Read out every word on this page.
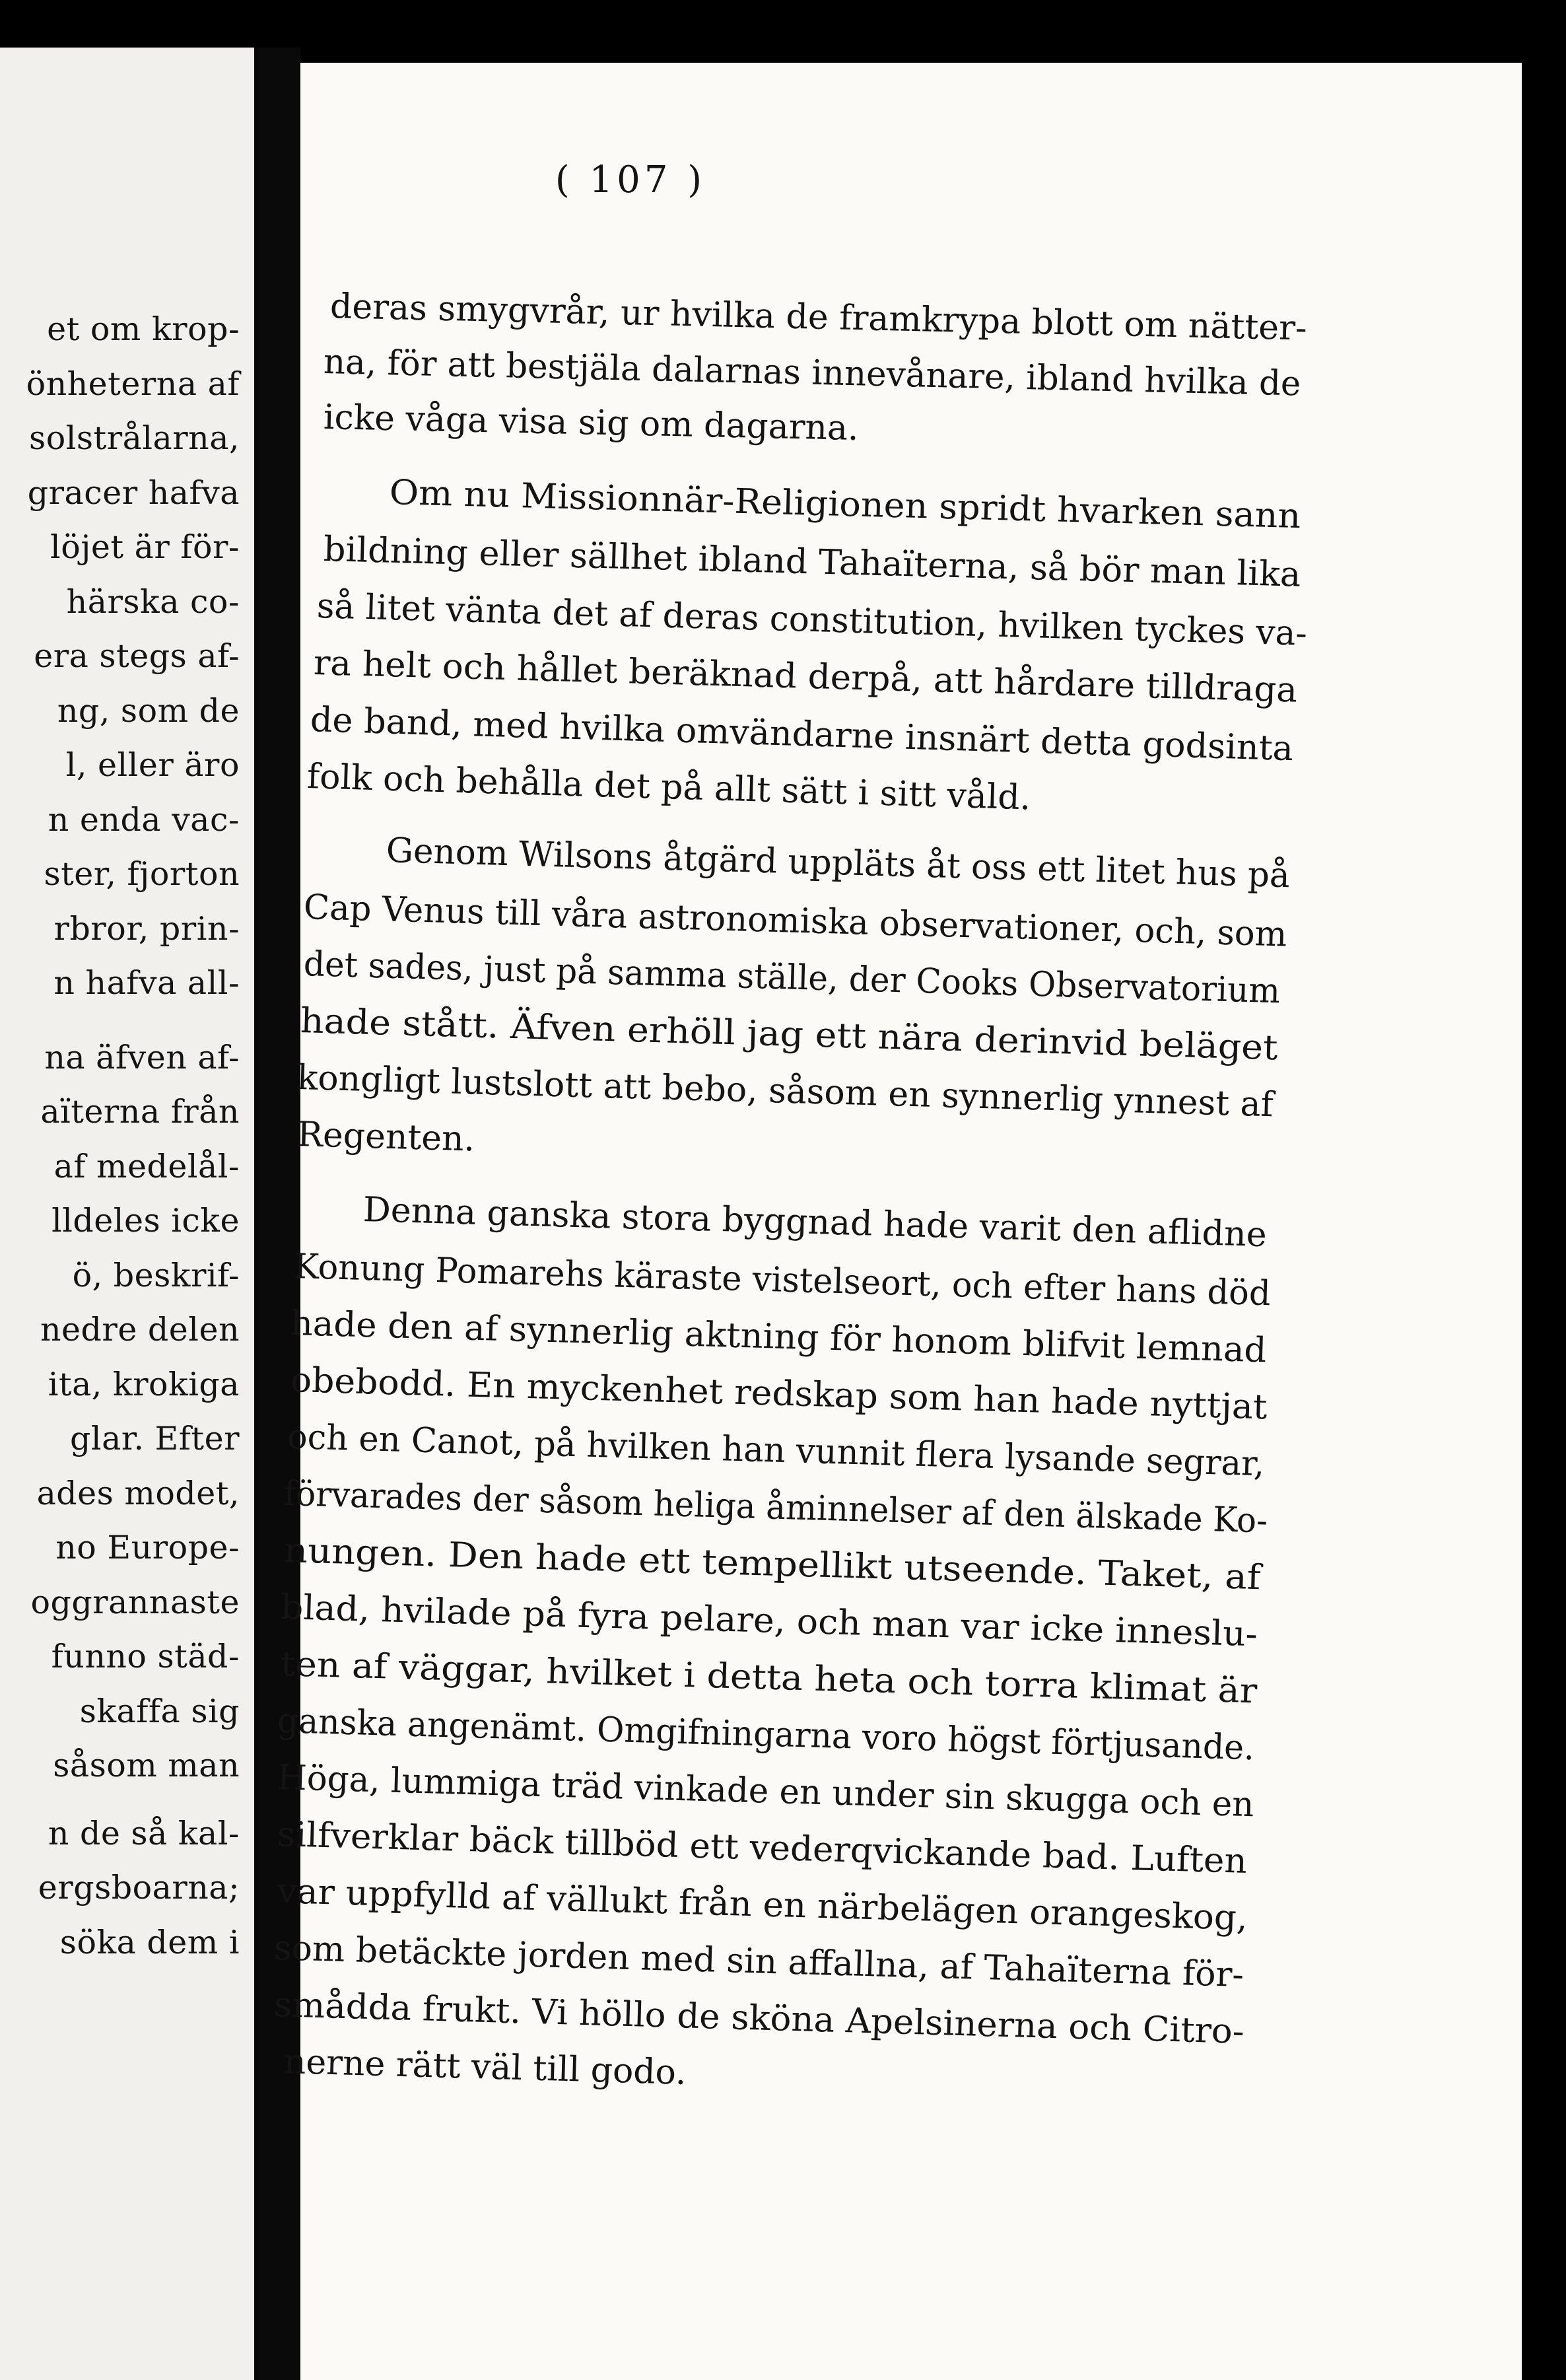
et om krop-
önheterna af
solstrålarna,
gracer hafva
löjet är för-
härska co-
era stegs af-
ng, som de
l, eller äro
n enda vac-
ster, fjorton
rbror, prin-
n hafva all-
na äfven af-
aïterna från
af medelål-
lldeles icke
ö, beskrif-
nedre delen
ita, krokiga
glar. Efter
ades modet,
no Europe-
oggrannaste
funno städ-
skaffa sig
såsom man
n de så kal-
ergsboarna;
söka dem i
( 107 )
deras smygvrår, ur hvilka de framkrypa blott om nätter-
na, för att bestjäla dalarnas innevånare, ibland hvilka de
icke våga visa sig om dagarna.
Om nu Missionnär-Religionen spridt hvarken sann
bildning eller sällhet ibland Tahaïterna, så bör man lika
så litet vänta det af deras constitution, hvilken tyckes va-
ra helt och hållet beräknad derpå, att hårdare tilldraga
de band, med hvilka omvändarne insnärt detta godsinta
folk och behålla det på allt sätt i sitt våld.
Genom Wilsons åtgärd uppläts åt oss ett litet hus på
Cap Venus till våra astronomiska observationer, och, som
det sades, just på samma ställe, der Cooks Observatorium
hade stått. Äfven erhöll jag ett nära derinvid beläget
kongligt lustslott att bebo, såsom en synnerlig ynnest af
Regenten.
Denna ganska stora byggnad hade varit den aflidne
Konung Pomarehs käraste vistelseort, och efter hans död
hade den af synnerlig aktning för honom blifvit lemnad
obebodd. En myckenhet redskap som han hade nyttjat
och en Canot, på hvilken han vunnit flera lysande segrar,
förvarades der såsom heliga åminnelser af den älskade Ko-
nungen. Den hade ett tempellikt utseende. Taket, af
blad, hvilade på fyra pelare, och man var icke inneslu-
ten af väggar, hvilket i detta heta och torra klimat är
ganska angenämt. Omgifningarna voro högst förtjusande.
Höga, lummiga träd vinkade en under sin skugga och en
silfverklar bäck tillböd ett vederqvickande bad. Luften
var uppfylld af vällukt från en närbelägen orangeskog,
som betäckte jorden med sin affallna, af Tahaïterna för-
smådda frukt. Vi höllo de sköna Apelsinerna och Citro-
nerne rätt väl till godo.
